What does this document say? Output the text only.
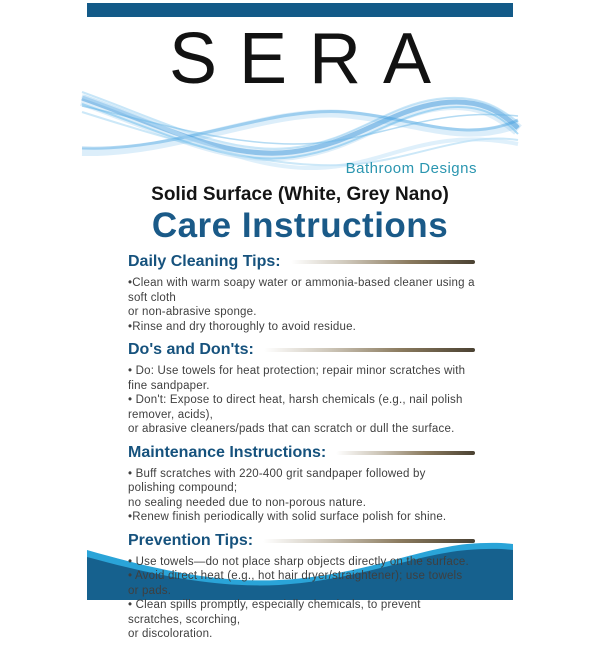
SERA
Bathroom Designs
Solid Surface (White, Grey Nano)
Care Instructions
Daily Cleaning Tips:

•Clean with warm soapy water or ammonia-based cleaner using a soft cloth

or non-abrasive sponge.

•Rinse and dry thoroughly to avoid residue.

Do's and Don'ts:

• Do: Use towels for heat protection; repair minor scratches with fine sandpaper.

• Don't: Expose to direct heat, harsh chemicals (e.g., nail polish remover, acids),

or abrasive cleaners/pads that can scratch or dull the surface.

Maintenance Instructions:

• Buff scratches with 220-400 grit sandpaper followed by polishing compound;

no sealing needed due to non-porous nature.

•Renew finish periodically with solid surface polish for shine.

Prevention Tips:

• Use towels—do not place sharp objects directly on the surface.

• Avoid direct heat (e.g., hot hair dryer/straightener); use towels or pads.

• Clean spills promptly, especially chemicals, to prevent scratches, scorching,

or discoloration.
